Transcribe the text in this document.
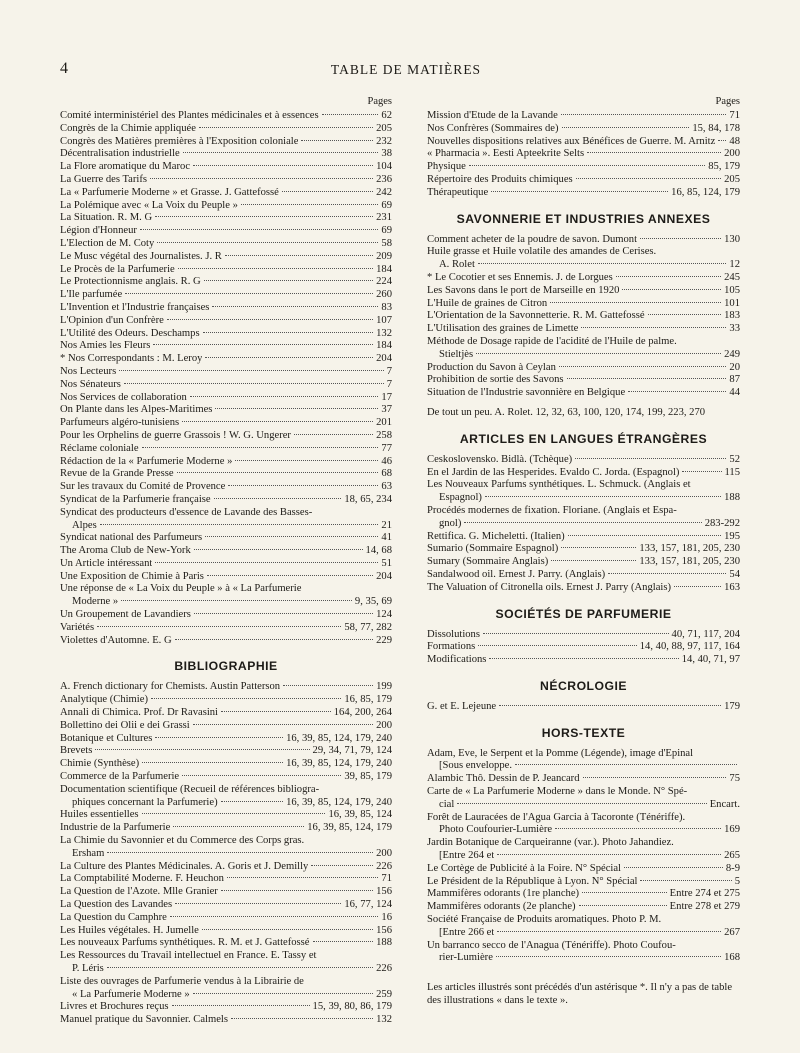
4	TABLE DE MATIÈRES
Pages
Comité interministériel des Plantes médicinales et à essences	62
Congrès de la Chimie appliquée	205
Congrès des Matières premières à l'Exposition coloniale	232
Décentralisation industrielle	38
La Flore aromatique du Maroc	104
La Guerre des Tarifs	236
La « Parfumerie Moderne » et Grasse. J. Gattefossé	242
La Polémique avec « La Voix du Peuple »	69
La Situation. R. M. G	231
Légion d'Honneur	69
L'Election de M. Coty	58
Le Musc végétal des Journalistes. J. R	209
Le Procès de la Parfumerie	184
Le Protectionnisme anglais. R. G	224
L'Ile parfumée	260
L'Invention et l'Industrie françaises	83
L'Opinion d'un Confrère	107
L'Utilité des Odeurs. Deschamps	132
Nos Amies les Fleurs	184
* Nos Correspondants : M. Leroy	204
Nos Lecteurs	7
Nos Sénateurs	7
Nos Services de collaboration	17
On Plante dans les Alpes-Maritimes	37
Parfumeurs algéro-tunisiens	201
Pour les Orphelins de guerre Grassois ! W. G. Ungerer	258
Réclame coloniale	77
Rédaction de la « Parfumerie Moderne »	46
Revue de la Grande Presse	68
Sur les travaux du Comité de Provence	63
Syndicat de la Parfumerie française	18, 65, 234
Syndicat des producteurs d'essence de Lavande des Basses-
Alpes	21
Syndicat national des Parfumeurs	41
The Aroma Club de New-York	14, 68
Un Article intéressant	51
Une Exposition de Chimie à Paris	204
Une réponse de « La Voix du Peuple » à « La Parfumerie
Moderne »	9, 35, 69
Un Groupement de Lavandiers	124
Variétés	58, 77, 282
Violettes d'Automne. E. G	229
BIBLIOGRAPHIE
A. French dictionary for Chemists. Austin Patterson	199
Analytique (Chimie)	16, 85, 179
Annali di Chimica. Prof. Dr Ravasini	164, 200, 264
Bollettino dei Olii e dei Grassi	200
Botanique et Cultures	16, 39, 85, 124, 179, 240
Brevets	29, 34, 71, 79, 124
Chimie (Synthèse)	16, 39, 85, 124, 179, 240
Commerce de la Parfumerie	39, 85, 179
Documentation scientifique (Recueil de références bibliogra-
phiques concernant la Parfumerie)	16, 39, 85, 124, 179, 240
Huiles essentielles	16, 39, 85, 124
Industrie de la Parfumerie	16, 39, 85, 124, 179
La Chimie du Savonnier et du Commerce des Corps gras.
Ersham	200
La Culture des Plantes Médicinales. A. Goris et J. Demilly	226
La Comptabilité Moderne. F. Heuchon	71
La Question de l'Azote. Mlle Granier	156
La Question des Lavandes	16, 77, 124
La Question du Camphre	16
Les Huiles végétales. H. Jumelle	156
Les nouveaux Parfums synthétiques. R. M. et J. Gattefossé	188
Les Ressources du Travail intellectuel en France. E. Tassy et
P. Léris	226
Liste des ouvrages de Parfumerie vendus à la Librairie de
« La Parfumerie Moderne »	259
Livres et Brochures reçus	15, 39, 80, 86, 179
Manuel pratique du Savonnier. Calmels	132
Pages
Mission d'Etude de la Lavande	71
Nos Confrères (Sommaires de)	15, 84, 178
Nouvelles dispositions relatives aux Bénéfices de Guerre. M. Arnitz 48
« Pharmacia ». Eesti Apteekrite Selts	200
Physique	85, 179
Répertoire des Produits chimiques	205
Thérapeutique	16, 85, 124, 179
SAVONNERIE ET INDUSTRIES ANNEXES
Comment acheter de la poudre de savon. Dumont	130
Huile grasse et Huile volatile des amandes de Cerises.
A. Rolet	12
* Le Cocotier et ses Ennemis. J. de Lorgues	245
Les Savons dans le port de Marseille en 1920	105
L'Huile de graines de Citron	101
L'Orientation de la Savonnetterie. R. M. Gattefossé	183
L'Utilisation des graines de Limette	33
Méthode de Dosage rapide de l'acidité de l'Huile de palme.
Stieltjès	249
Production du Savon à Ceylan	20
Prohibition de sortie des Savons	87
Situation de l'Industrie savonnière en Belgique	44
De tout un peu. A. Rolet. 12, 32, 63, 100, 120, 174, 199, 223, 270
ARTICLES EN LANGUES ÉTRANGÈRES
Ceskoslovensko. Bidlà. (Tchèque)	52
En el Jardin de las Hesperides. Evaldo C. Jorda. (Espagnol)	115
Les Nouveaux Parfums synthétiques. L. Schmuck. (Anglais et
Espagnol)	188
Procédés modernes de fixation. Floriane. (Anglais et Espa-
gnol)	283-292
Rettifica. G. Micheletti. (Italien)	195
Sumario (Sommaire Espagnol)	133, 157, 181, 205, 230
Sumary (Sommaire Anglais)	133, 157, 181, 205, 230
Sandalwood oil. Ernest J. Parry. (Anglais)	54
The Valuation of Citronella oils. Ernest J. Parry (Anglais)	163
SOCIÉTÉS DE PARFUMERIE
Dissolutions	40, 71, 117, 204
Formations	14, 40, 88, 97, 117, 164
Modifications	14, 40, 71, 97
NÉCROLOGIE
G. et E. Lejeune	179
HORS-TEXTE
Adam, Eve, le Serpent et la Pomme (Légende), image d'Epinal
[Sous enveloppe.
Alambic Thô. Dessin de P. Jeancard	75
Carte de « La Parfumerie Moderne » dans le Monde. N° Spé-
cial	Encart.
Forêt de Lauracées de l'Agua Garcia à Tacoronte (Ténériffe).
Photo Coufourier-Lumière	169
Jardin Botanique de Carqueiranne (var.). Photo Jahandiez.
[Entre 264 et	265
Le Cortège de Publicité à la Foire. N° Spécial	8-9
Le Président de la République à Lyon. N° Spécial	5
Mammifères odorants (1re planche)	Entre 274 et 275
Mammifères odorants (2e planche)	Entre 278 et 279
Société Française de Produits aromatiques. Photo P. M.
[Entre 266 et	267
Un barranco secco de l'Anagua (Ténériffe). Photo Coufou-
rier-Lumière	168
Les articles illustrés sont précédés d'un astérisque *. Il n'y a pas de table des illustrations « dans le texte ».
